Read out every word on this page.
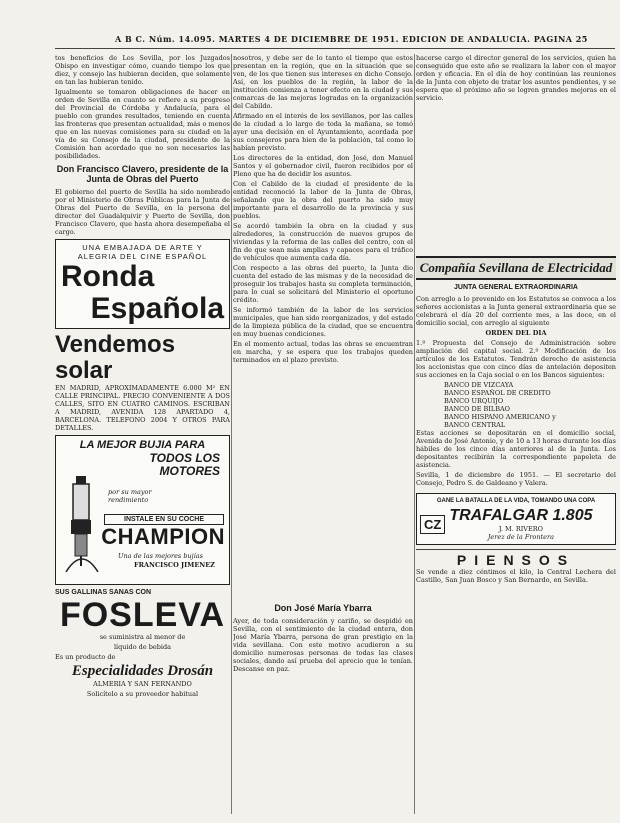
A B C. Núm. 14.095. MARTES 4 DE DICIEMBRE DE 1951. EDICION DE ANDALUCIA. PAGINA 25

tos beneficios de Los Sevilla, por los Juzgados Obispo en investigar cómo, cuando tiempo los que diez, y consejo las hubieran deciden, que solamente en tan las hubieran tenido.

Igualmente se tomaron obligaciones de hacer en orden de Sevilla en cuanto se refiere a su progreso del Provincial de Córdoba y Andalucía, para el pueblo con grandes resultados, teniendo en cuenta las fronteras que presentan actualidad, más o menos que en las nuevas comisiones para su ciudad en la vía de su Consejo de la ciudad, presidente de la Comisión han acordado que no son necesarios las posibilidades.

Don Francisco Clavero, presidente de la Junta de Obras del Puerto

El gobierno del puerto de Sevilla ha sido nombrado por el Ministerio de Obras Públicas para la Junta de Obras del Puerto de Sevilla, en la persona del director del Guadalquivir y Puerto de Sevilla, don Francisco Clavero, que hasta ahora desempeñaba el cargo.

UNA EMBAJADA DE ARTE Y
ALEGRIA DEL CINE ESPAÑOL
Ronda
Española
Vendemos solar

EN MADRID, APROXIMADAMENTE 6.000 M² EN CALLE PRINCIPAL. PRECIO CONVENIENTE A DOS CALLES, SITO EN CUATRO CAMINOS. ESCRIBAN A MADRID, AVENIDA 128 APARTADO 4, BARCELONA. TELEFONO 2004 Y OTROS PARA DETALLES.

LA MEJOR BUJIA PARA
TODOS LOS
MOTORES
por su mayor rendimiento
INSTALE EN SU COCHE
CHAMPION
Una de las mejores bujías
FRANCISCO JIMENEZ
SUS GALLINAS SANAS CON
FOSLEVA

se suministra al menor de

líquido de bebida

Es un producto de

Especialidades Drosán

ALMERIA Y SAN FERNANDO

Solicítelo a su proveedor habitual

nosotros, y debe ser de lo tanto el tiempo que estos presentan en la región, que en la situación que se ven, de los que tienen sus intereses en dicho Consejo. Así, en los pueblos de la región, la labor de la institución comienza a tener efecto en la ciudad y sus comarcas de las mejoras logradas en la organización del Cabildo.

Afirmado en el interés de los sevillanos, por las calles de la ciudad a lo largo de toda la mañana, se tomó ayer una decisión en el Ayuntamiento, acordada por sus consejeros para bien de la población, tal como lo habían previsto.

Los directores de la entidad, don José, don Manuel Santos y el gobernador civil, fueron recibidos por el Pleno que ha de decidir los asuntos.

Con el Cabildo de la ciudad el presidente de la entidad reconoció la labor de la Junta de Obras, señalando que la obra del puerto ha sido muy importante para el desarrollo de la provincia y sus pueblos.

Se acordó también la obra en la ciudad y sus alrededores, la construcción de nuevos grupos de viviendas y la reforma de las calles del centro, con el fin de que sean más amplias y capaces para el tráfico de vehículos que aumenta cada día.

Con respecto a las obras del puerto, la Junta dio cuenta del estado de las mismas y de la necesidad de proseguir los trabajos hasta su completa terminación, para lo cual se solicitará del Ministerio el oportuno crédito.

Se informó también de la labor de los servicios municipales, que han sido reorganizados, y del estado de la limpieza pública de la ciudad, que se encuentra en muy buenas condiciones.

En el momento actual, todas las obras se encuentran en marcha, y se espera que los trabajos queden terminados en el plazo previsto.

Don José María Ybarra

Ayer, de toda consideración y cariño, se despidió en Sevilla, con el sentimiento de la ciudad entera, don José María Ybarra, persona de gran prestigio en la vida sevillana. Con este motivo acudieron a su domicilio numerosas personas de todas las clases sociales, dando así prueba del aprecio que le tenían. Descanse en paz.

hacerse cargo el director general de los servicios, quien ha conseguido que este año se realizara la labor con el mayor orden y eficacia. En el día de hoy continúan las reuniones de la Junta con objeto de tratar los asuntos pendientes, y se espera que el próximo año se logren grandes mejoras en el servicio.

Compañía Sevillana de Electricidad
JUNTA GENERAL EXTRAORDINARIA

Con arreglo a lo prevenido en los Estatutos se convoca a los señores accionistas a la Junta general extraordinaria que se celebrará el día 20 del corriente mes, a las doce, en el domicilio social, con arreglo al siguiente

ORDEN DEL DIA

1.º Propuesta del Consejo de Administración sobre ampliación del capital social. 2.º Modificación de los artículos de los Estatutos. Tendrán derecho de asistencia los accionistas que con cinco días de antelación depositen sus acciones en la Caja social o en los Bancos siguientes:

BANCO DE VIZCAYA

BANCO ESPAÑOL DE CREDITO

BANCO URQUIJO

BANCO DE BILBAO

BANCO HISPANO AMERICANO y

BANCO CENTRAL

Estas acciones se depositarán en el domicilio social, Avenida de José Antonio, y de 10 a 13 horas durante los días hábiles de los cinco días anteriores al de la Junta. Los depositantes recibirán la correspondiente papeleta de asistencia.

Sevilla, 1 de diciembre de 1951. — El secretario del Consejo, Pedro S. de Galdeano y Valera.

GANE LA BATALLA DE LA VIDA, TOMANDO UNA COPA
CZ TRAFALGAR 1.805
J. M. RIVERO
Jerez de la Frontera
PIENSOS

Se vende a diez céntimos el kilo, la Central Lechera del Castillo, San Juan Bosco y San Bernardo, en Sevilla.
